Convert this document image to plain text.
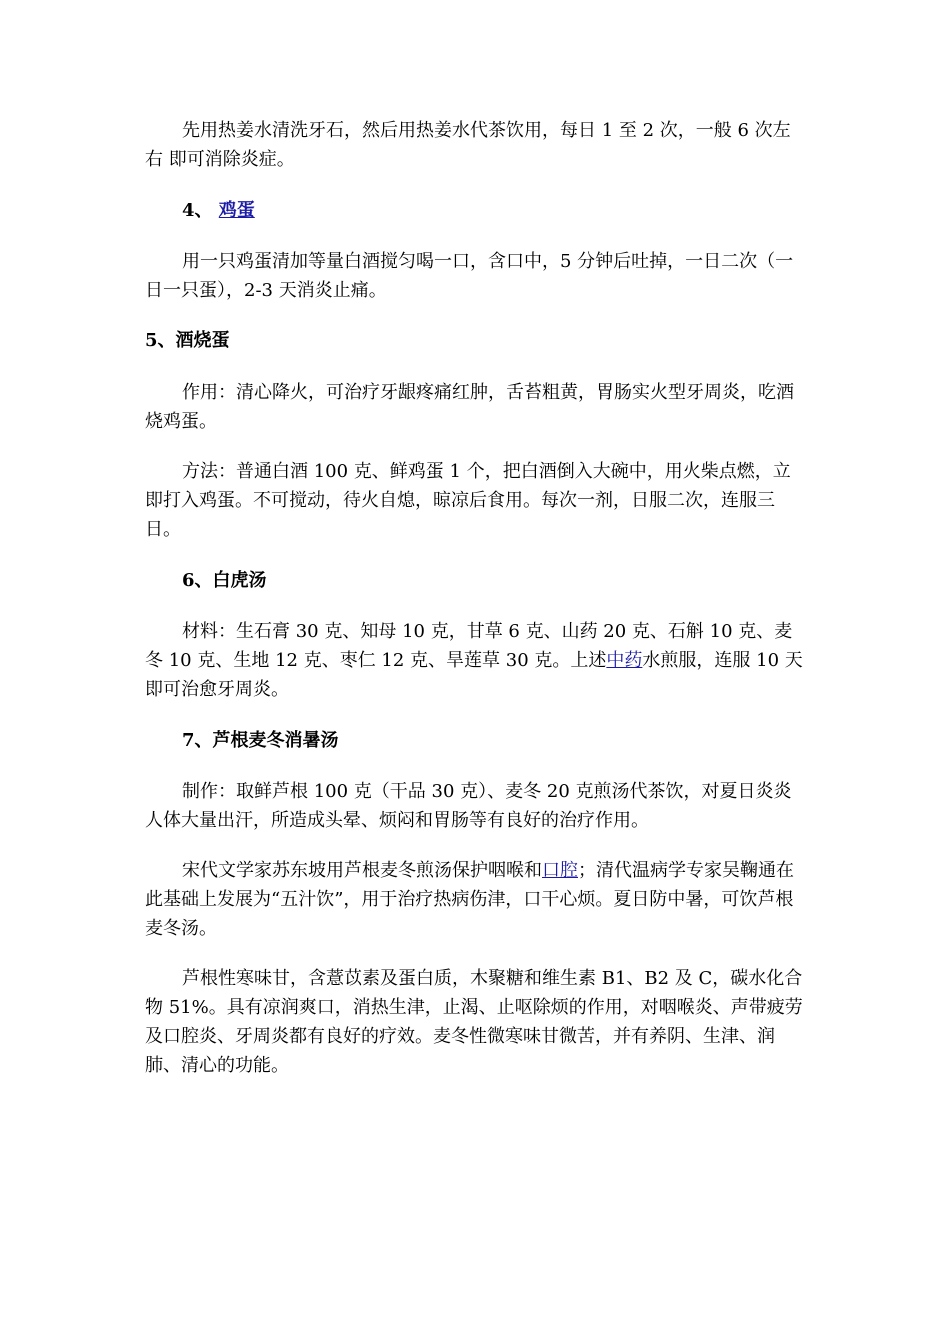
先用热姜水清洗牙石，然后用热姜水代茶饮用，每日 1 至 2 次，一般 6 次左右 即可消除炎症。

4、 鸡蛋

用一只鸡蛋清加等量白酒搅匀喝一口，含口中，5 分钟后吐掉，一日二次（一日一只蛋），2-3 天消炎止痛。

5、酒烧蛋

作用：清心降火，可治疗牙龈疼痛红肿，舌苔粗黄，胃肠实火型牙周炎，吃酒烧鸡蛋。

方法：普通白酒 100 克、鲜鸡蛋 1 个，把白酒倒入大碗中，用火柴点燃，立即打入鸡蛋。不可搅动，待火自熄，晾凉后食用。每次一剂，日服二次，连服三日。

6、白虎汤

材料：生石膏 30 克、知母 10 克，甘草 6 克、山药 20 克、石斛 10 克、麦冬 10 克、生地 12 克、枣仁 12 克、旱莲草 30 克。上述中药水煎服，连服 10 天即可治愈牙周炎。

7、芦根麦冬消暑汤

制作：取鲜芦根 100 克（干品 30 克）、麦冬 20 克煎汤代茶饮，对夏日炎炎人体大量出汗，所造成头晕、烦闷和胃肠等有良好的治疗作用。

宋代文学家苏东坡用芦根麦冬煎汤保护咽喉和口腔；清代温病学专家吴鞠通在此基础上发展为“五汁饮”，用于治疗热病伤津，口干心烦。夏日防中暑，可饮芦根麦冬汤。

芦根性寒味甘，含薏苡素及蛋白质，木聚糖和维生素 B1、B2 及 C，碳水化合物 51%。具有凉润爽口，消热生津，止渴、止呕除烦的作用，对咽喉炎、声带疲劳及口腔炎、牙周炎都有良好的疗效。麦冬性微寒味甘微苦，并有养阴、生津、润肺、清心的功能。
